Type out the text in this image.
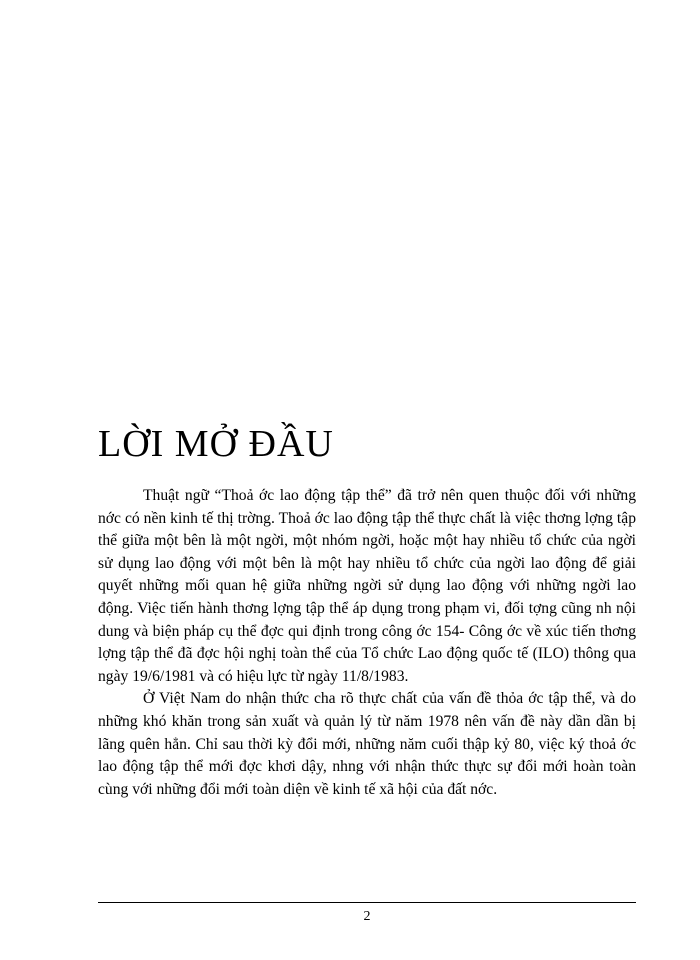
LỜI MỞ ĐẦU

Thuật ngữ “Thoả ớc lao động tập thể” đã trở nên quen thuộc đối với những nớc có nền kinh tế thị trờng. Thoả ớc lao động tập thể thực chất là việc thơng lợng tập thể giữa một bên là một ngời, một nhóm ngời, hoặc một hay nhiều tổ chức của ngời sử dụng lao động với một bên là một hay nhiều tổ chức của ngời lao động để giải quyết những mối quan hệ giữa những ngời sử dụng lao động với những ngời lao động. Việc tiến hành thơng lợng tập thể áp dụng trong phạm vi, đối tợng cũng nh nội dung và biện pháp cụ thể đợc qui định trong công ớc 154- Công ớc về xúc tiến thơng lợng tập thể đã đợc hội nghị toàn thể của Tổ chức Lao động quốc tế (ILO) thông qua ngày 19/6/1981 và có hiệu lực từ ngày 11/8/1983.

Ở Việt Nam do nhận thức cha rõ thực chất của vấn đề thỏa ớc tập thể, và do những khó khăn trong sản xuất và quản lý từ năm 1978 nên vấn đề này dần dần bị lãng quên hẳn. Chỉ sau thời kỳ đổi mới, những năm cuối thập kỷ 80, việc ký thoả ớc lao động tập thể mới đợc khơi dậy, nhng với nhận thức thực sự đổi mới hoàn toàn cùng với những đổi mới toàn diện về kinh tế xã hội của đất nớc.

2
